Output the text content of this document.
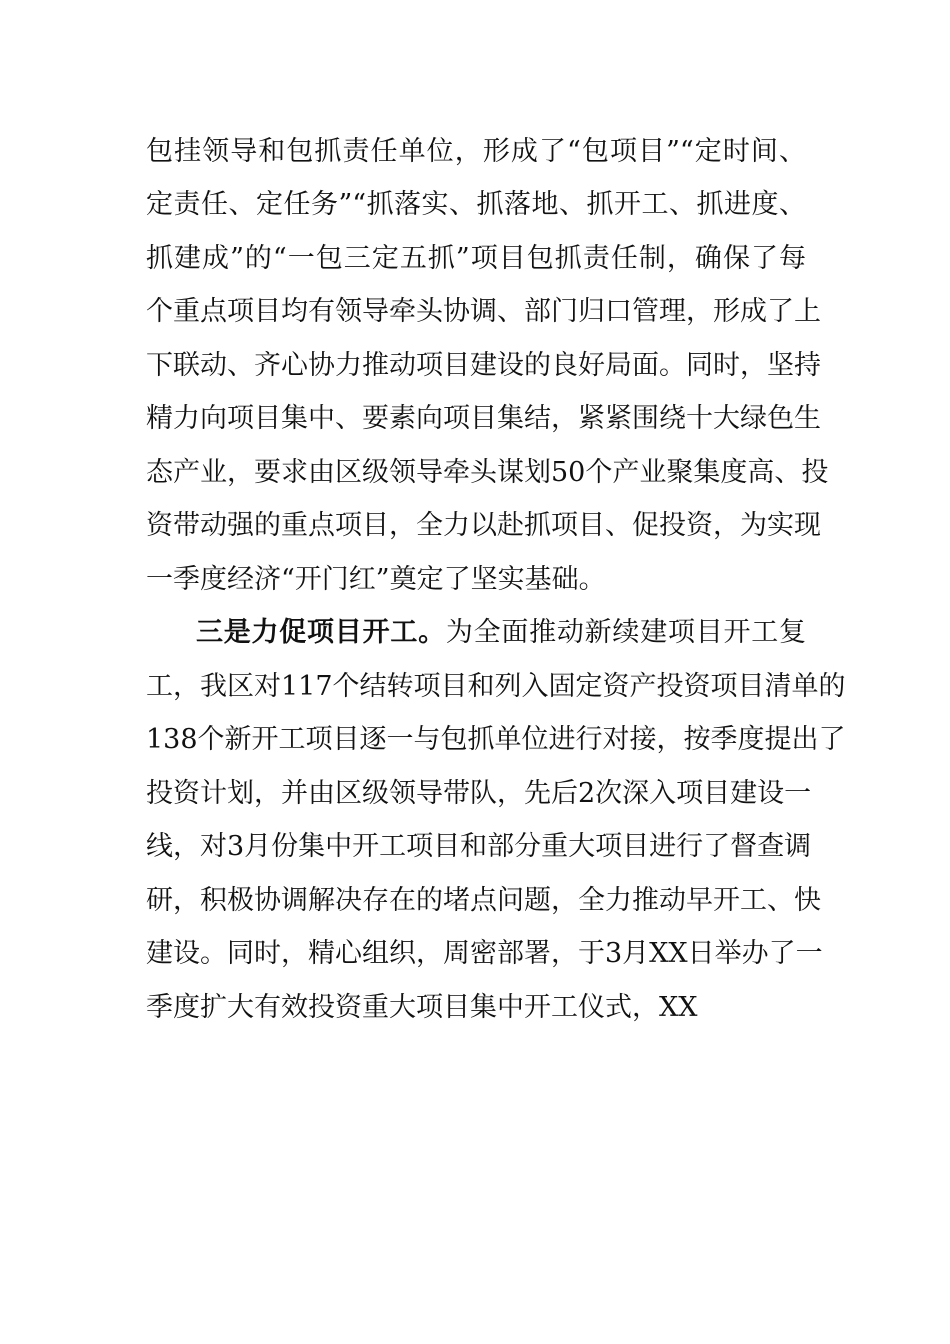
包挂领导和包抓责任单位，形成了“包项目”“定时间、
定责任、定任务”“抓落实、抓落地、抓开工、抓进度、
抓建成”的“一包三定五抓”项目包抓责任制，确保了每
个重点项目均有领导牵头协调、部门归口管理，形成了上
下联动、齐心协力推动项目建设的良好局面。同时，坚持
精力向项目集中、要素向项目集结，紧紧围绕十大绿色生
态产业，要求由区级领导牵头谋划50个产业聚集度高、投
资带动强的重点项目，全力以赴抓项目、促投资，为实现
一季度经济“开门红”奠定了坚实基础。
三是力促项目开工。为全面推动新续建项目开工复
工，我区对117个结转项目和列入固定资产投资项目清单的
138个新开工项目逐一与包抓单位进行对接，按季度提出了
投资计划，并由区级领导带队，先后2次深入项目建设一
线，对3月份集中开工项目和部分重大项目进行了督查调
研，积极协调解决存在的堵点问题，全力推动早开工、快
建设。同时，精心组织，周密部署，于3月XX日举办了一
季度扩大有效投资重大项目集中开工仪式，XX
